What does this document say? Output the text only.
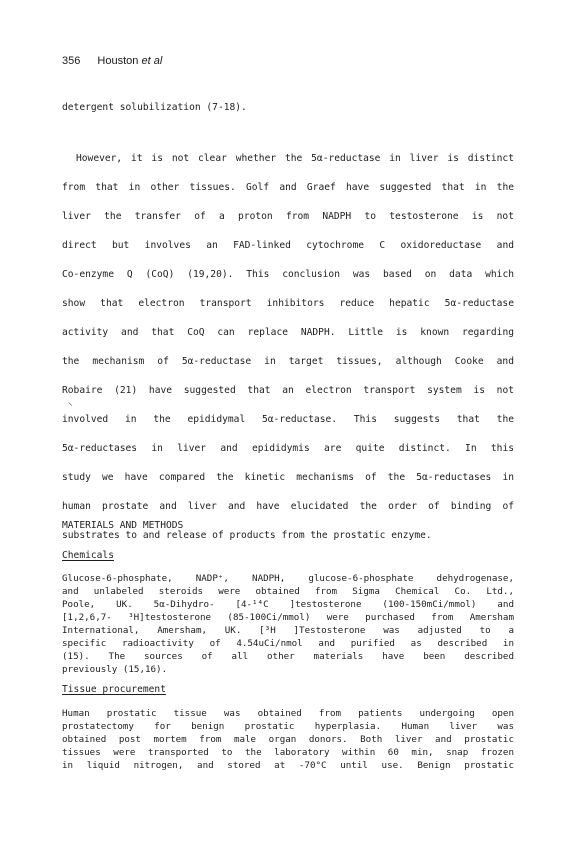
356 Houston et al
detergent solubilization (7-18).
However, it is not clear whether the 5α-reductase in liver is distinct
from that in other tissues. Golf and Graef have suggested that in the
liver the transfer of a proton from NADPH to testosterone is not
direct but involves an FAD-linked cytochrome C oxidoreductase and
Co-enzyme Q (CoQ) (19,20). This conclusion was based on data which
show that electron transport inhibitors reduce hepatic 5α-reductase
activity and that CoQ can replace NADPH. Little is known regarding
the mechanism of 5α-reductase in target tissues, although Cooke and
Robaire (21) have suggested that an electron transport system is not
⸜
involved in the epididymal 5α-reductase. This suggests that the
5α-reductases in liver and epididymis are quite distinct. In this
study we have compared the kinetic mechanisms of the 5α-reductases in
human prostate and liver and have elucidated the order of binding of
substrates to and release of products from the prostatic enzyme.
MATERIALS AND METHODS
Chemicals
Glucose-6-phosphate, NADP⁺, NADPH, glucose-6-phosphate dehydrogenase,
and unlabeled steroids were obtained from Sigma Chemical Co. Ltd.,
Poole, UK. 5α-Dihydro- [4-¹⁴C ]testosterone (100-150mCi/mmol) and
[1,2,6,7- ³H]testosterone (85-100Ci/mmol) were purchased from Amersham
International, Amersham, UK. [³H ]Testosterone was adjusted to a
specific radioactivity of 4.54uCi/nmol and purified as described in
(15). The sources of all other materials have been described
previously (15,16).
Tissue procurement
Human prostatic tissue was obtained from patients undergoing open
prostatectomy for benign prostatic hyperplasia. Human liver was
obtained post mortem from male organ donors. Both liver and prostatic
tissues were transported to the laboratory within 60 min, snap frozen
in liquid nitrogen, and stored at -70°C until use. Benign prostatic
